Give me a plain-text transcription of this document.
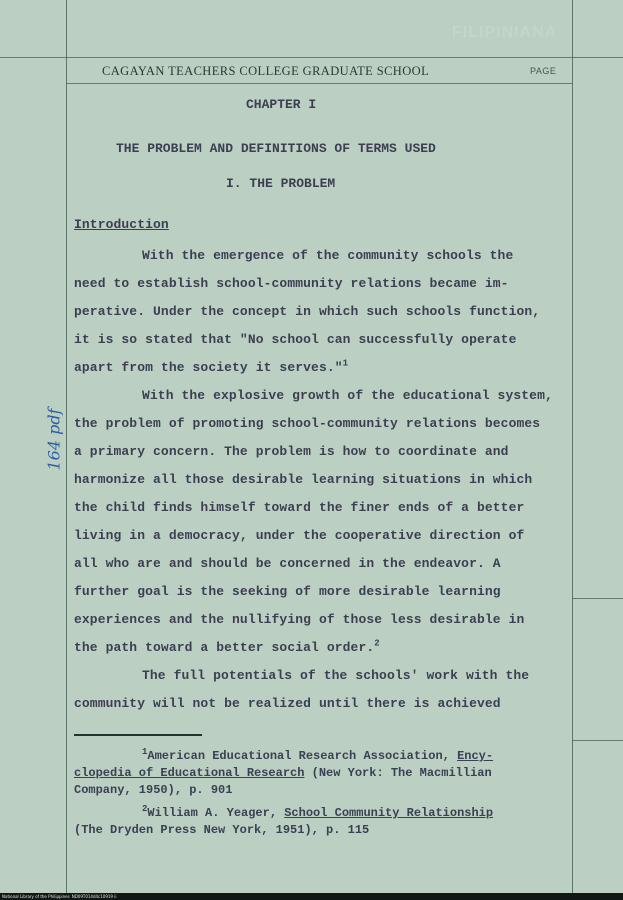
FILIPINIANA
CAGAYAN TEACHERS COLLEGE GRADUATE SCHOOL	PAGE
CHAPTER I
THE PROBLEM AND DEFINITIONS OF TERMS USED
I. THE PROBLEM
Introduction
With the emergence of the community schools the
need to establish school-community relations became im-
perative. Under the concept in which such schools function,
it is so stated that "No school can successfully operate
apart from the society it serves."$^1$
With the explosive growth of the educational system,
the problem of promoting school-community relations becomes
a primary concern. The problem is how to coordinate and
harmonize all those desirable learning situations in which
the child finds himself toward the finer ends of a better
living in a democracy, under the cooperative direction of
all who are and should be concerned in the endeavor. A
further goal is the seeking of more desirable learning
experiences and the nullifying of those less desirable in
the path toward a better social order.$^2$
The full potentials of the schools' work with the
community will not be realized until there is achieved
$^1$American Educational Research Association, Ency-
clopedia of Educational Research (New York: The Macmillian
Company, 1950), p. 901
$^2$William A. Yeager, School Community Relationship
(The Dryden Press New York, 1951), p. 115
164 pdf
National Library of the Philippines ND09T014d4c10919 ii
